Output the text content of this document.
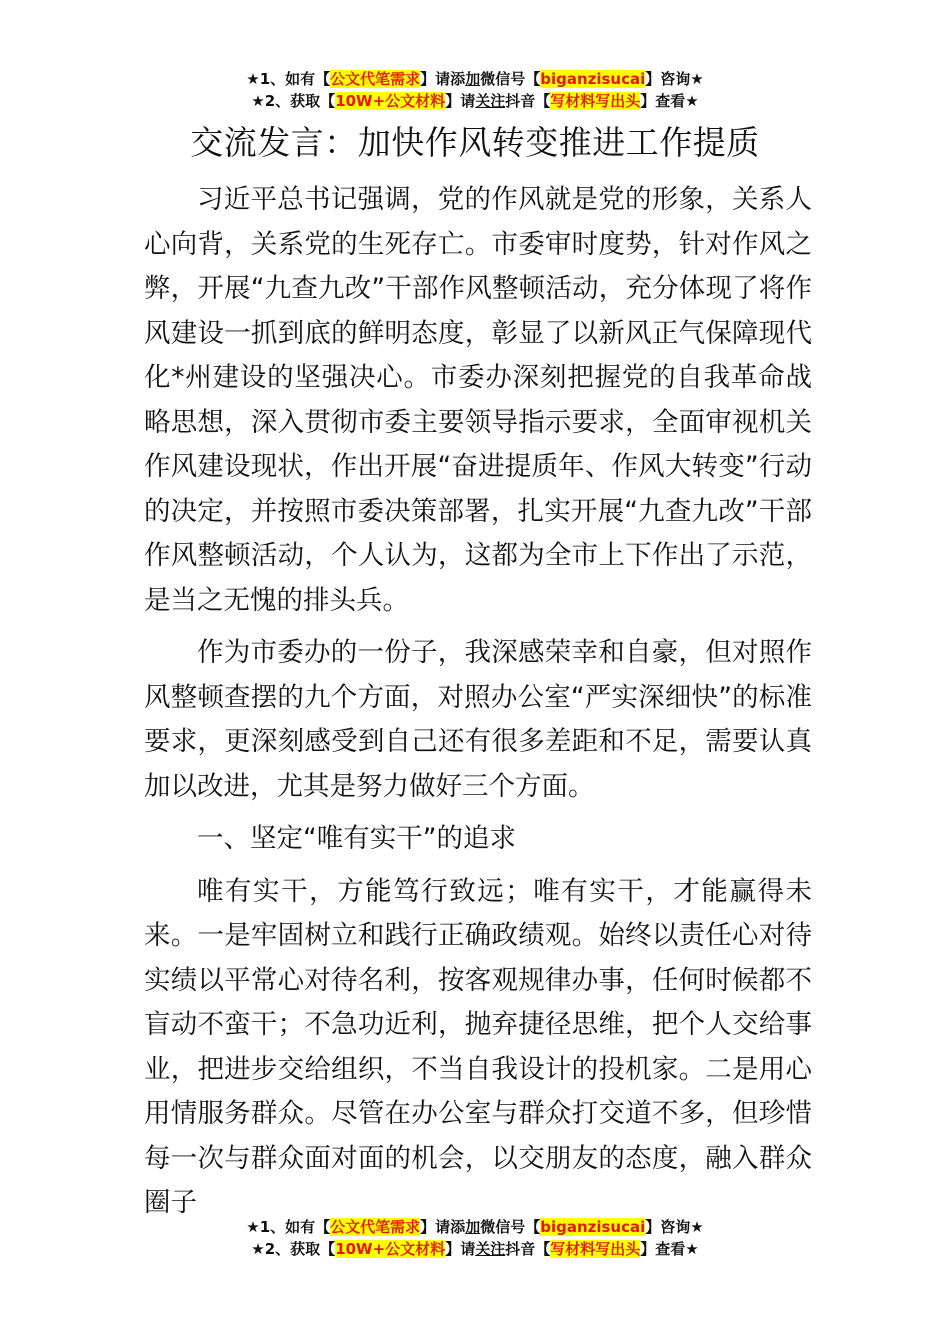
★1、如有【公文代笔需求】请添加微信号【biganzisucai】咨询★
★2、获取【10W+公文材料】请关注抖音【写材料写出头】查看★
交流发言：加快作风转变推进工作提质

习近平总书记强调，党的作风就是党的形象，关系人心向背，关系党的生死存亡。市委审时度势，针对作风之弊，开展“九查九改”干部作风整顿活动，充分体现了将作风建设一抓到底的鲜明态度，彰显了以新风正气保障现代化*州建设的坚强决心。市委办深刻把握党的自我革命战略思想，深入贯彻市委主要领导指示要求，全面审视机关作风建设现状，作出开展“奋进提质年、作风大转变”行动的决定，并按照市委决策部署，扎实开展“九查九改”干部作风整顿活动，个人认为，这都为全市上下作出了示范，是当之无愧的排头兵。

作为市委办的一份子，我深感荣幸和自豪，但对照作风整顿查摆的九个方面，对照办公室“严实深细快”的标准要求，更深刻感受到自己还有很多差距和不足，需要认真加以改进，尤其是努力做好三个方面。

一、坚定“唯有实干”的追求

唯有实干，方能笃行致远；唯有实干，才能赢得未来。一是牢固树立和践行正确政绩观。始终以责任心对待实绩以平常心对待名利，按客观规律办事，任何时候都不盲动不蛮干；不急功近利，抛弃捷径思维，把个人交给事业，把进步交给组织，不当自我设计的投机家。二是用心用情服务群众。尽管在办公室与群众打交道不多，但珍惜每一次与群众面对面的机会，以交朋友的态度，融入群众圈子

★1、如有【公文代笔需求】请添加微信号【biganzisucai】咨询★
★2、获取【10W+公文材料】请关注抖音【写材料写出头】查看★
